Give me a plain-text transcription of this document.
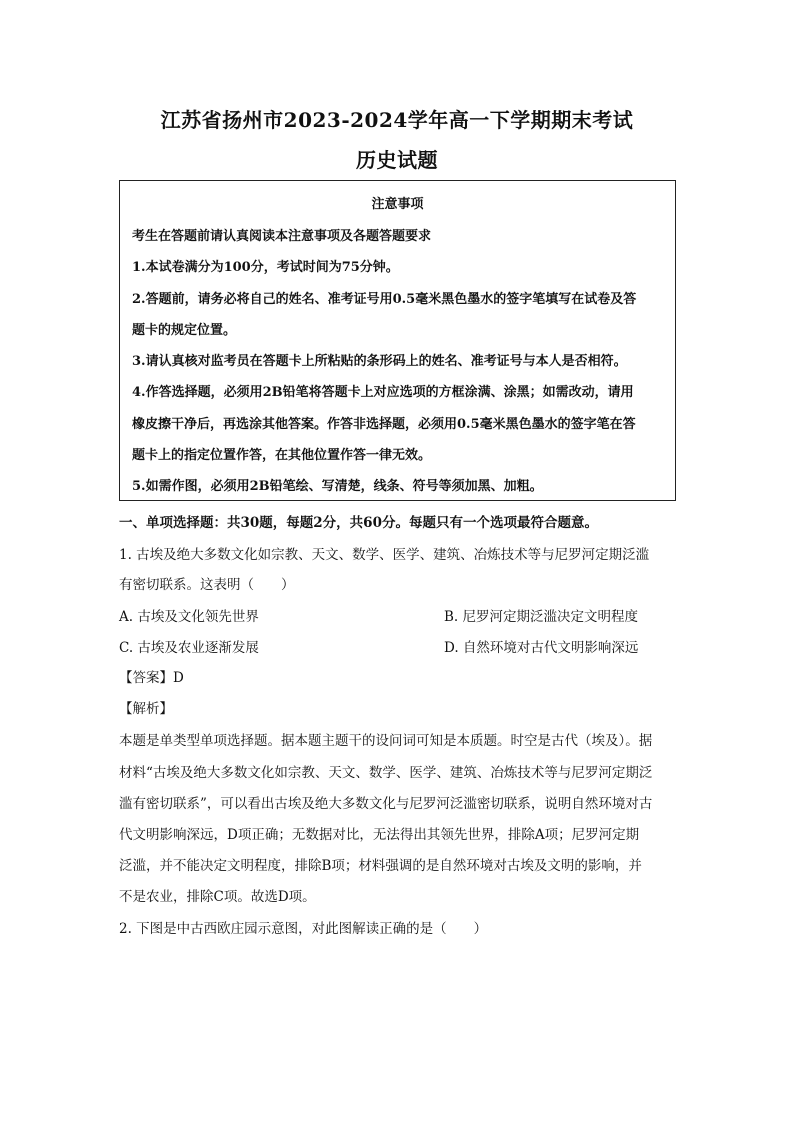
江苏省扬州市2023-2024学年高一下学期期末考试
历史试题
注意事项
考生在答题前请认真阅读本注意事项及各题答题要求
1.本试卷满分为100分，考试时间为75分钟。
2.答题前，请务必将自己的姓名、准考证号用0.5毫米黑色墨水的签字笔填写在试卷及答
题卡的规定位置。
3.请认真核对监考员在答题卡上所粘贴的条形码上的姓名、准考证号与本人是否相符。
4.作答选择题，必须用2B铅笔将答题卡上对应选项的方框涂满、涂黑；如需改动，请用
橡皮擦干净后，再选涂其他答案。作答非选择题，必须用0.5毫米黑色墨水的签字笔在答
题卡上的指定位置作答，在其他位置作答一律无效。
5.如需作图，必须用2B铅笔绘、写清楚，线条、符号等须加黑、加粗。
一、单项选择题：共30题，每题2分，共60分。每题只有一个选项最符合题意。
1. 古埃及绝大多数文化如宗教、天文、数学、医学、建筑、冶炼技术等与尼罗河定期泛滥
有密切联系。这表明（　　）
A. 古埃及文化领先世界	B. 尼罗河定期泛滥决定文明程度
C. 古埃及农业逐渐发展	D. 自然环境对古代文明影响深远
【答案】D
【解析】
本题是单类型单项选择题。据本题主题干的设问词可知是本质题。时空是古代（埃及）。据
材料“古埃及绝大多数文化如宗教、天文、数学、医学、建筑、冶炼技术等与尼罗河定期泛
滥有密切联系”，可以看出古埃及绝大多数文化与尼罗河泛滥密切联系，说明自然环境对古
代文明影响深远，D项正确；无数据对比，无法得出其领先世界，排除A项；尼罗河定期
泛滥，并不能决定文明程度，排除B项；材料强调的是自然环境对古埃及文明的影响，并
不是农业，排除C项。故选D项。
2. 下图是中古西欧庄园示意图，对此图解读正确的是（　　）
